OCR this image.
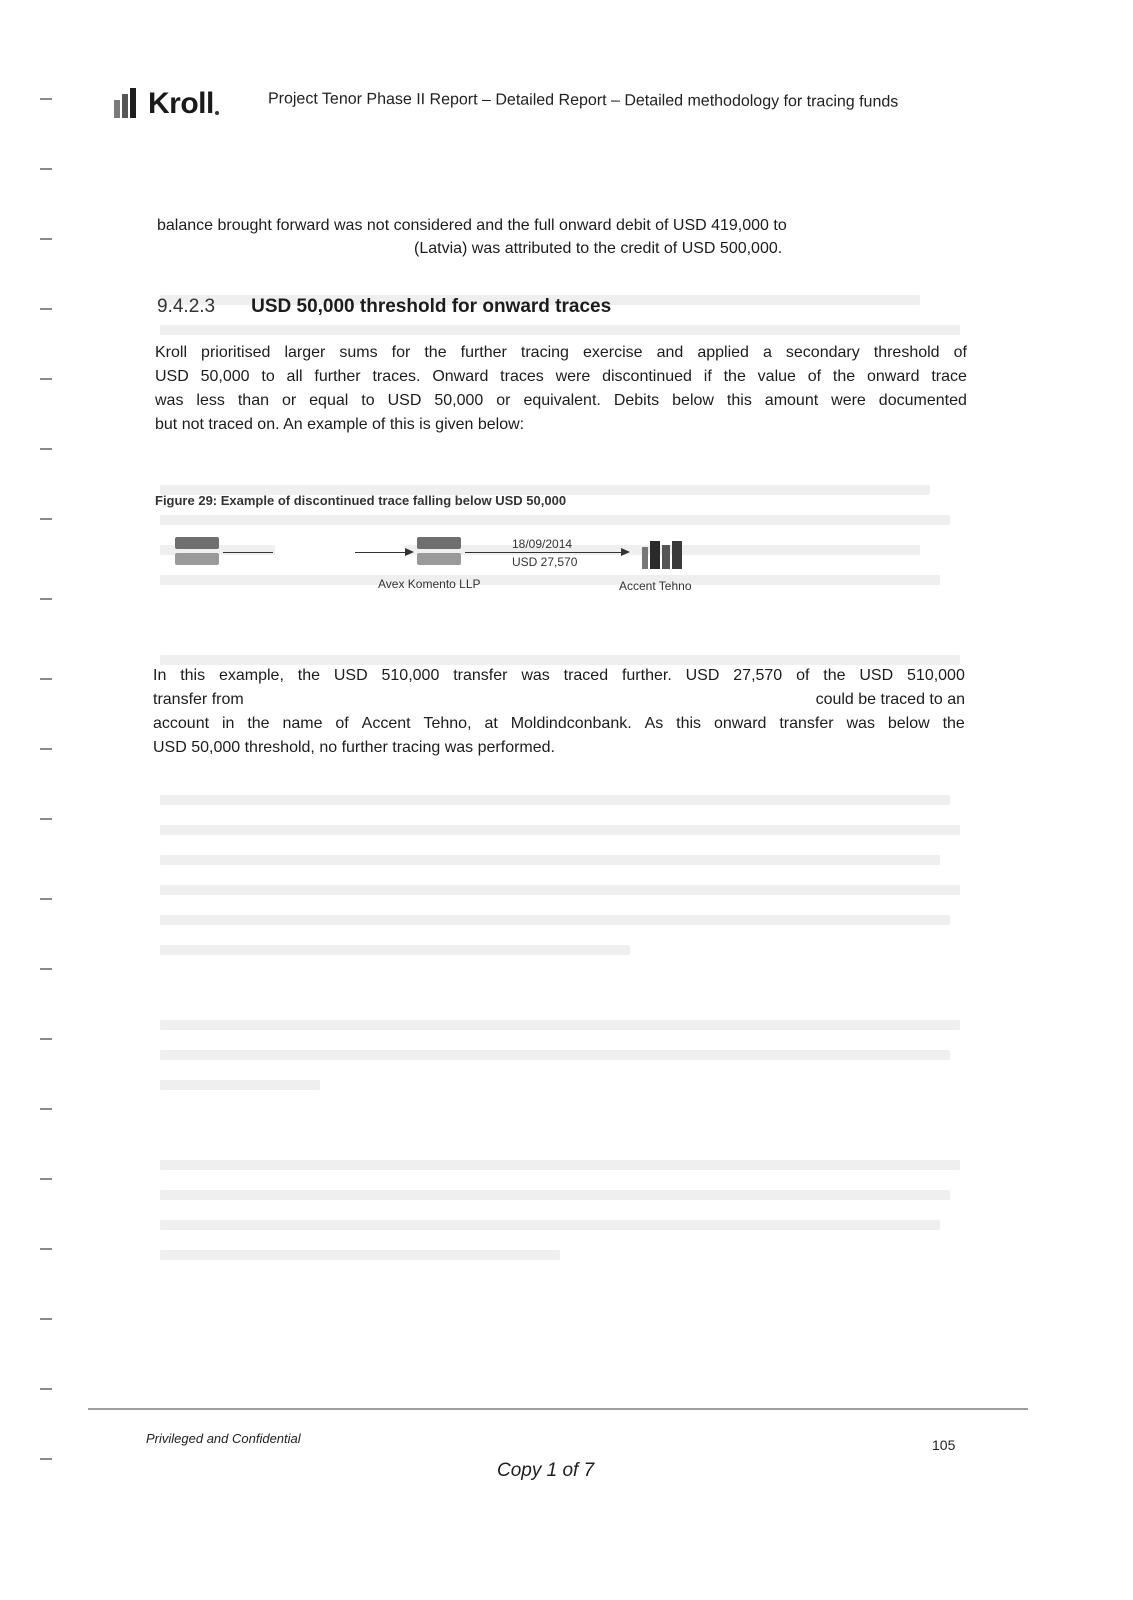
Kroll	Project Tenor Phase II Report – Detailed Report – Detailed methodology for tracing funds
balance brought forward was not considered and the full onward debit of USD 419,000 to
(Latvia) was attributed to the credit of USD 500,000.
9.4.2.3 USD 50,000 threshold for onward traces
Kroll prioritised larger sums for the further tracing exercise and applied a secondary threshold of
USD 50,000 to all further traces. Onward traces were discontinued if the value of the onward trace
was less than or equal to USD 50,000 or equivalent. Debits below this amount were documented
but not traced on. An example of this is given below:
Figure 29: Example of discontinued trace falling below USD 50,000
Avex Komento LLP
18/09/2014
USD 27,570
Accent Tehno
In this example, the USD 510,000 transfer was traced further. USD 27,570 of the USD 510,000
transfer from	could be traced to an
account in the name of Accent Tehno, at Moldindconbank. As this onward transfer was below the
USD 50,000 threshold, no further tracing was performed.
Privileged and Confidential	105
Copy 1 of 7
